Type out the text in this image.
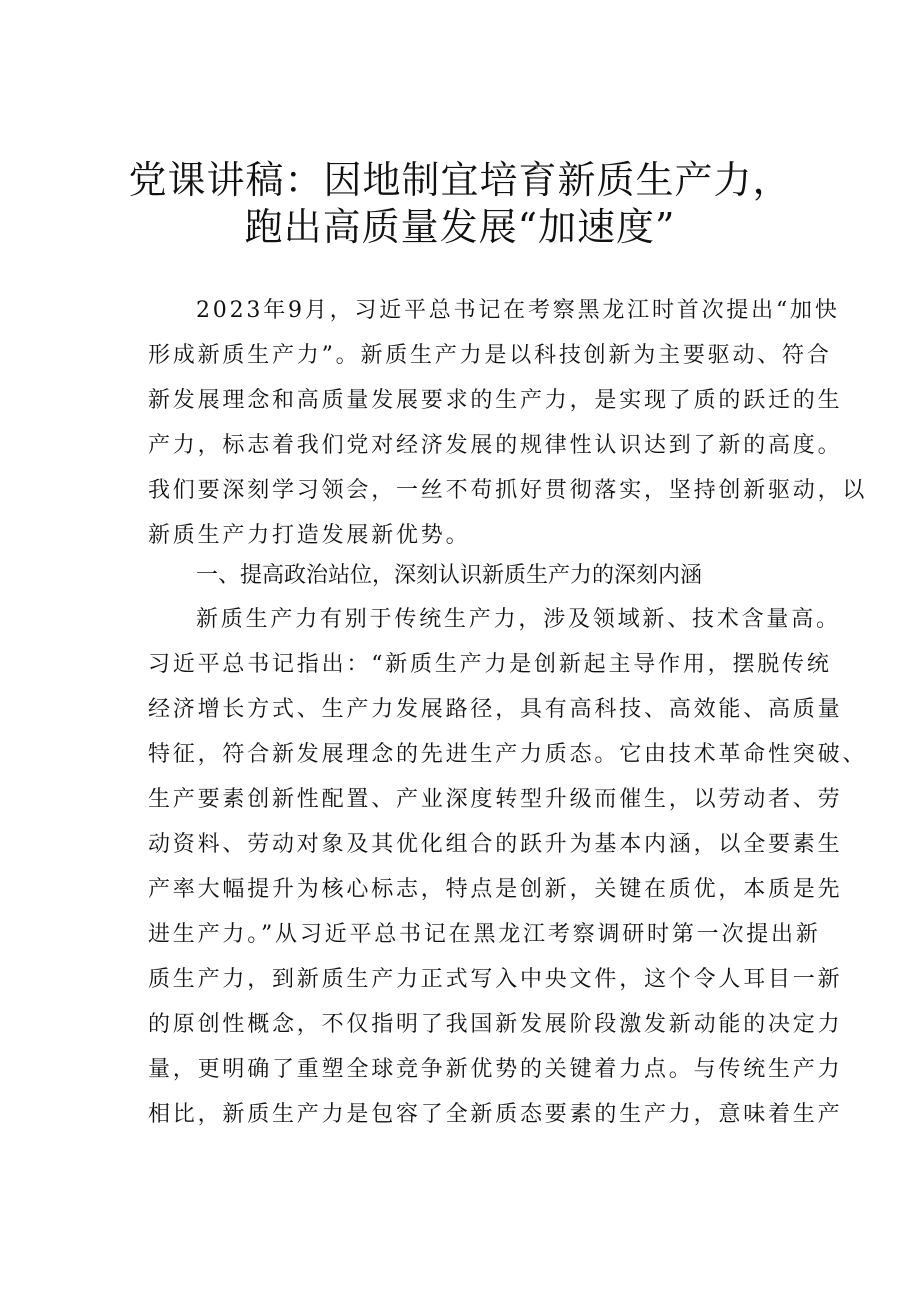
党课讲稿：因地制宜培育新质生产力，
跑出高质量发展“加速度”
2023年9月，习近平总书记在考察黑龙江时首次提出“加快
形成新质生产力”。新质生产力是以科技创新为主要驱动、符合
新发展理念和高质量发展要求的生产力，是实现了质的跃迁的生
产力，标志着我们党对经济发展的规律性认识达到了新的高度。
我们要深刻学习领会，一丝不苟抓好贯彻落实，坚持创新驱动，以
新质生产力打造发展新优势。
一、提高政治站位，深刻认识新质生产力的深刻内涵
新质生产力有别于传统生产力，涉及领域新、技术含量高。
习近平总书记指出：“新质生产力是创新起主导作用，摆脱传统
经济增长方式、生产力发展路径，具有高科技、高效能、高质量
特征，符合新发展理念的先进生产力质态。它由技术革命性突破、
生产要素创新性配置、产业深度转型升级而催生，以劳动者、劳
动资料、劳动对象及其优化组合的跃升为基本内涵，以全要素生
产率大幅提升为核心标志，特点是创新，关键在质优，本质是先
进生产力。”从习近平总书记在黑龙江考察调研时第一次提出新
质生产力，到新质生产力正式写入中央文件，这个令人耳目一新
的原创性概念，不仅指明了我国新发展阶段激发新动能的决定力
量，更明确了重塑全球竞争新优势的关键着力点。与传统生产力
相比，新质生产力是包容了全新质态要素的生产力，意味着生产
